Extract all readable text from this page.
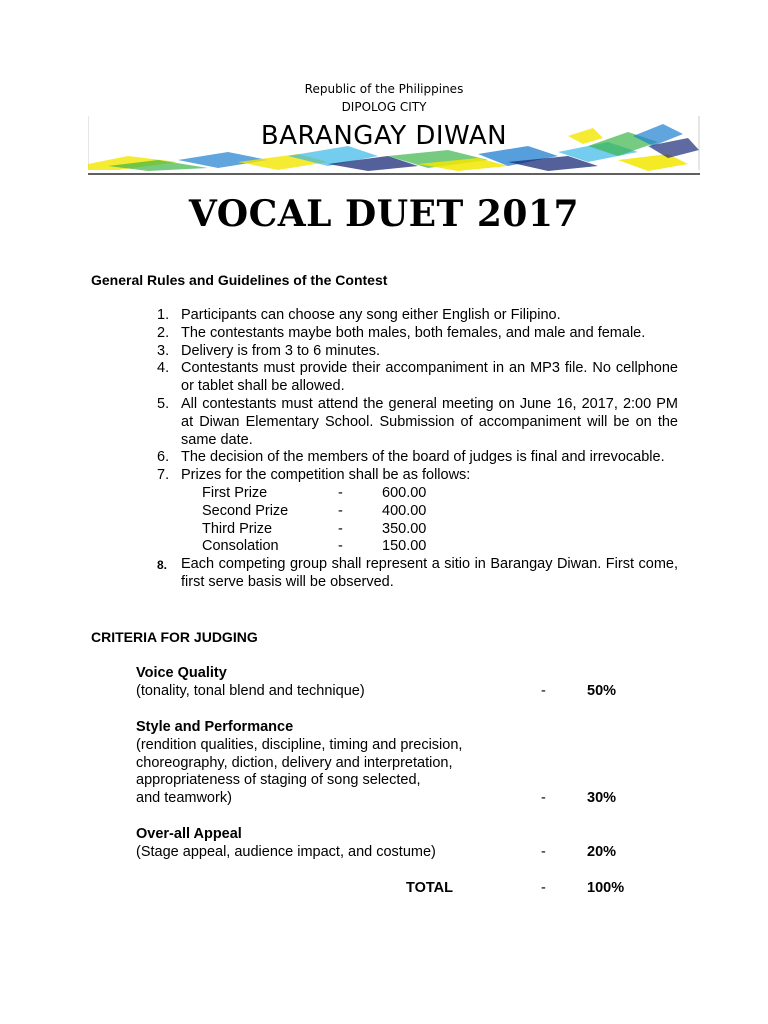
Republic of the Philippines
DIPOLOG CITY
BARANGAY DIWAN
VOCAL DUET 2017
General Rules and Guidelines of the Contest
1. Participants can choose any song either English or Filipino.
2. The contestants maybe both males, both females, and male and female.
3. Delivery is from 3 to 6 minutes.
4. Contestants must provide their accompaniment in an MP3 file. No cellphone or tablet shall be allowed.
5. All contestants must attend the general meeting on June 16, 2017, 2:00 PM at Diwan Elementary School. Submission of accompaniment will be on the same date.
6. The decision of the members of the board of judges is final and irrevocable.
7. Prizes for the competition shall be as follows:
First Prize	-	600.00
Second Prize	-	400.00
Third Prize	-	350.00
Consolation	-	150.00
8. Each competing group shall represent a sitio in Barangay Diwan. First come, first serve basis will be observed.
CRITERIA FOR JUDGING
Voice Quality
(tonality, tonal blend and technique)	-	50%
Style and Performance
(rendition qualities, discipline, timing and precision,
choreography, diction, delivery and interpretation,
appropriateness of staging of song selected,
and teamwork)	-	30%
Over-all Appeal
(Stage appeal, audience impact, and costume)	-	20%
TOTAL	-	100%
